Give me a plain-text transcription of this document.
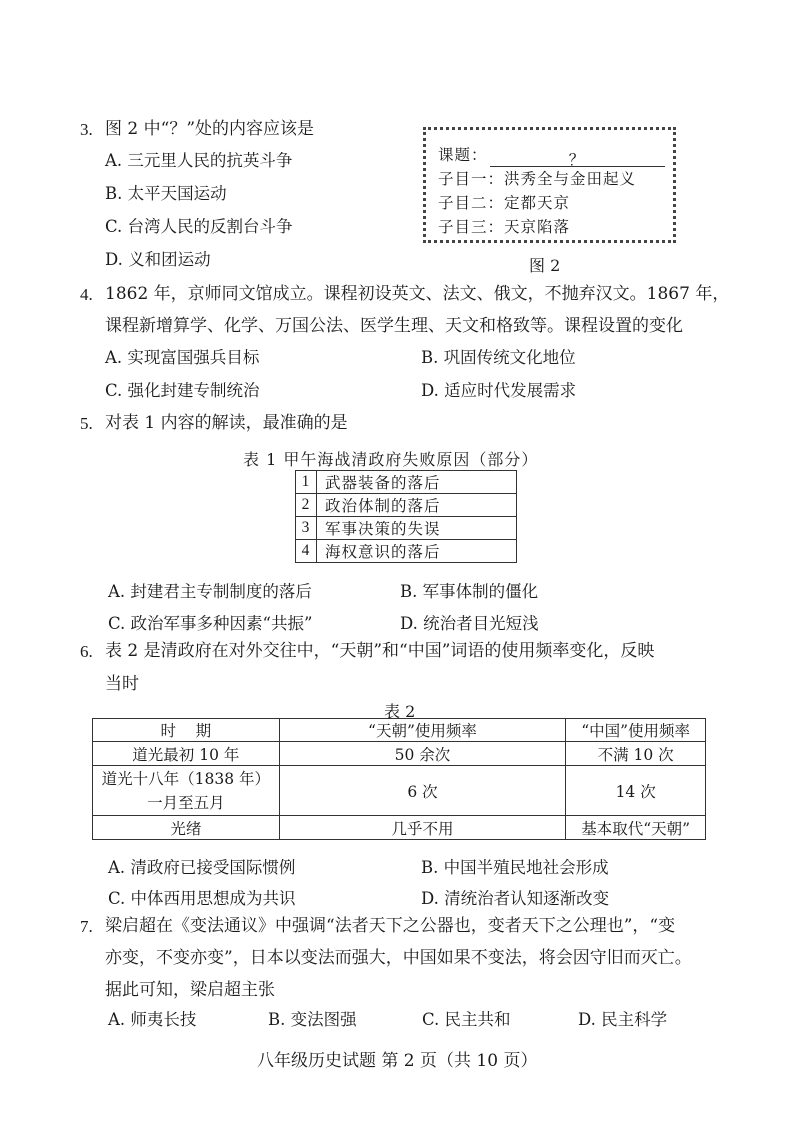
3. 图 2 中“？”处的内容应该是
A. 三元里人民的抗英斗争
B. 太平天国运动
C. 台湾人民的反割台斗争
D. 义和团运动
课题：	？
子目一：洪秀全与金田起义
子目二：定都天京
子目三：天京陷落
图 2
4. 1862 年，京师同文馆成立。课程初设英文、法文、俄文，不抛弃汉文。1867 年，
课程新增算学、化学、万国公法、医学生理、天文和格致等。课程设置的变化
A. 实现富国强兵目标	B. 巩固传统文化地位
C. 强化封建专制统治	D. 适应时代发展需求
5. 对表 1 内容的解读，最准确的是
表 1 甲午海战清政府失败原因（部分）
1	武器装备的落后
2	政治体制的落后
3	军事决策的失误
4	海权意识的落后
A. 封建君主专制制度的落后	B. 军事体制的僵化
C. 政治军事多种因素“共振”	D. 统治者目光短浅
6. 表 2 是清政府在对外交往中，“天朝”和“中国”词语的使用频率变化，反映
当时
表 2
时    期	“天朝”使用频率	“中国”使用频率
道光最初 10 年	50 余次	不满 10 次

道光十八年（1838 年）
一月至五月	6 次	14 次
光绪	几乎不用	基本取代“天朝”
A. 清政府已接受国际惯例	B. 中国半殖民地社会形成
C. 中体西用思想成为共识	D. 清统治者认知逐渐改变
7. 梁启超在《变法通议》中强调“法者天下之公器也，变者天下之公理也”，“变
亦变，不变亦变”，日本以变法而强大，中国如果不变法，将会因守旧而灭亡。
据此可知，梁启超主张
A. 师夷长技	B. 变法图强	C. 民主共和	D. 民主科学
八年级历史试题 第 2 页（共 10 页）
